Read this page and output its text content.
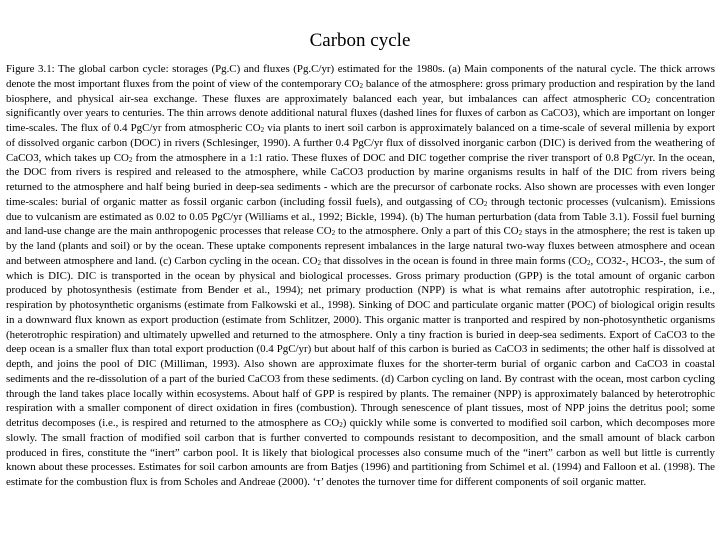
Carbon cycle

Figure 3.1: The global carbon cycle: storages (Pg.C) and fluxes (Pg.C/yr) estimated for the 1980s. (a) Main components of the natural cycle. The thick arrows denote the most important fluxes from the point of view of the contemporary CO2 balance of the atmosphere: gross primary production and respiration by the land biosphere, and physical air-sea exchange. These fluxes are approximately balanced each year, but imbalances can affect atmospheric CO2 concentration significantly over years to centuries. The thin arrows denote additional natural fluxes (dashed lines for fluxes of carbon as CaCO3), which are important on longer time-scales. The flux of 0.4 PgC/yr from atmospheric CO2 via plants to inert soil carbon is approximately balanced on a time-scale of several millenia by export of dissolved organic carbon (DOC) in rivers (Schlesinger, 1990). A further 0.4 PgC/yr flux of dissolved inorganic carbon (DIC) is derived from the weathering of CaCO3, which takes up CO2 from the atmosphere in a 1:1 ratio. These fluxes of DOC and DIC together comprise the river transport of 0.8 PgC/yr. In the ocean, the DOC from rivers is respired and released to the atmosphere, while CaCO3 production by marine organisms results in half of the DIC from rivers being returned to the atmosphere and half being buried in deep-sea sediments - which are the precursor of carbonate rocks. Also shown are processes with even longer time-scales: burial of organic matter as fossil organic carbon (including fossil fuels), and outgassing of CO2 through tectonic processes (vulcanism). Emissions due to vulcanism are estimated as 0.02 to 0.05 PgC/yr (Williams et al., 1992; Bickle, 1994). (b) The human perturbation (data from Table 3.1). Fossil fuel burning and land-use change are the main anthropogenic processes that release CO2 to the atmosphere. Only a part of this CO2 stays in the atmosphere; the rest is taken up by the land (plants and soil) or by the ocean. These uptake components represent imbalances in the large natural two-way fluxes between atmosphere and ocean and between atmosphere and land. (c) Carbon cycling in the ocean. CO2 that dissolves in the ocean is found in three main forms (CO2, CO32-, HCO3-, the sum of which is DIC). DIC is transported in the ocean by physical and biological processes. Gross primary production (GPP) is the total amount of organic carbon produced by photosynthesis (estimate from Bender et al., 1994); net primary production (NPP) is what is what remains after autotrophic respiration, i.e., respiration by photosynthetic organisms (estimate from Falkowski et al., 1998). Sinking of DOC and particulate organic matter (POC) of biological origin results in a downward flux known as export production (estimate from Schlitzer, 2000). This organic matter is tranported and respired by non-photosynthetic organisms (heterotrophic respiration) and ultimately upwelled and returned to the atmosphere. Only a tiny fraction is buried in deep-sea sediments. Export of CaCO3 to the deep ocean is a smaller flux than total export production (0.4 PgC/yr) but about half of this carbon is buried as CaCO3 in sediments; the other half is dissolved at depth, and joins the pool of DIC (Milliman, 1993). Also shown are approximate fluxes for the shorter-term burial of organic carbon and CaCO3 in coastal sediments and the re-dissolution of a part of the buried CaCO3 from these sediments. (d) Carbon cycling on land. By contrast with the ocean, most carbon cycling through the land takes place locally within ecosystems. About half of GPP is respired by plants. The remainer (NPP) is approximately balanced by heterotrophic respiration with a smaller component of direct oxidation in fires (combustion). Through senescence of plant tissues, most of NPP joins the detritus pool; some detritus decomposes (i.e., is respired and returned to the atmosphere as CO2) quickly while some is converted to modified soil carbon, which decomposes more slowly. The small fraction of modified soil carbon that is further converted to compounds resistant to decomposition, and the small amount of black carbon produced in fires, constitute the “inert” carbon pool. It is likely that biological processes also consume much of the “inert” carbon as well but little is currently known about these processes. Estimates for soil carbon amounts are from Batjes (1996) and partitioning from Schimel et al. (1994) and Falloon et al. (1998). The estimate for the combustion flux is from Scholes and Andreae (2000). ‘τ’ denotes the turnover time for different components of soil organic matter.
